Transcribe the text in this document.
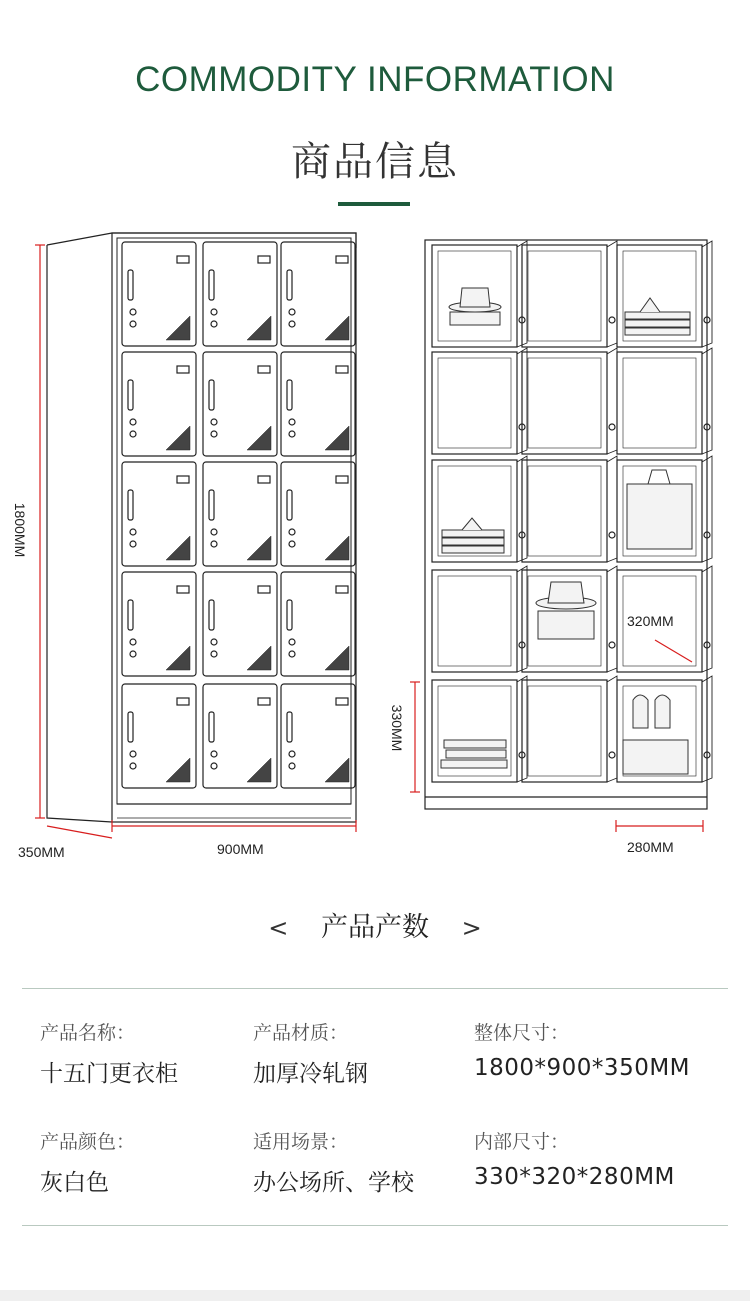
COMMODITY INFORMATION
商品信息
1800MM
350MM	900MM
320MM
330MM
280MM
< 产品产数 >
产品名称：
十五门更衣柜
产品材质：
加厚冷轧钢
整体尺寸：
1800*900*350MM
产品颜色：
灰白色
适用场景：
办公场所、学校
内部尺寸：
330*320*280MM
